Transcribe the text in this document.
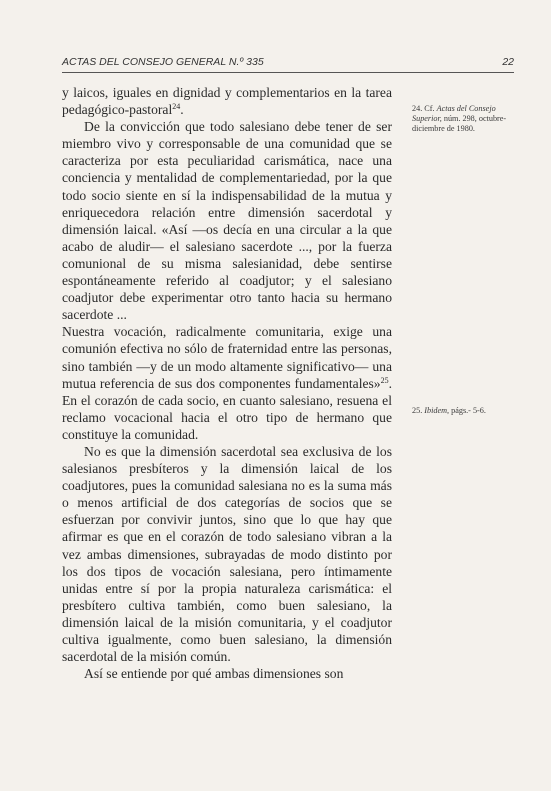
ACTAS DEL CONSEJO GENERAL N.º 335	22

y laicos, iguales en dignidad y complementarios en la tarea pedagógico-pastoral$^{24}$.

De la convicción que todo salesiano debe tener de ser miembro vivo y corresponsable de una comunidad que se caracteriza por esta peculiaridad carismática, nace una conciencia y mentalidad de complementariedad, por la que todo socio siente en sí la indispensabilidad de la mutua y enriquecedora relación entre dimensión sacerdotal y dimensión laical. «Así —os decía en una circular a la que acabo de aludir— el salesiano sacerdote ..., por la fuerza comunional de su misma salesianidad, debe sentirse espontáneamente referido al coadjutor; y el salesiano coadjutor debe experimentar otro tanto hacia su hermano sacerdote ...

Nuestra vocación, radicalmente comunitaria, exige una comunión efectiva no sólo de fraternidad entre las personas, sino también —y de un modo altamente significativo— una mutua referencia de sus dos componentes fundamentales»$^{25}$. En el corazón de cada socio, en cuanto salesiano, resuena el reclamo vocacional hacia el otro tipo de hermano que constituye la comunidad.

No es que la dimensión sacerdotal sea exclusiva de los salesianos presbíteros y la dimensión laical de los coadjutores, pues la comunidad salesiana no es la suma más o menos artificial de dos categorías de socios que se esfuerzan por convivir juntos, sino que lo que hay que afirmar es que en el corazón de todo salesiano vibran a la vez ambas dimensiones, subrayadas de modo distinto por los dos tipos de vocación salesiana, pero íntimamente unidas entre sí por la propia naturaleza carismática: el presbítero cultiva también, como buen salesiano, la dimensión laical de la misión comunitaria, y el coadjutor cultiva igualmente, como buen salesiano, la dimensión sacerdotal de la misión común.

Así se entiende por qué ambas dimensiones son

24. Cf. Actas del Consejo Superior, núm. 298, octubre-diciembre de 1980.
25. Ibidem, págs.- 5-6.
